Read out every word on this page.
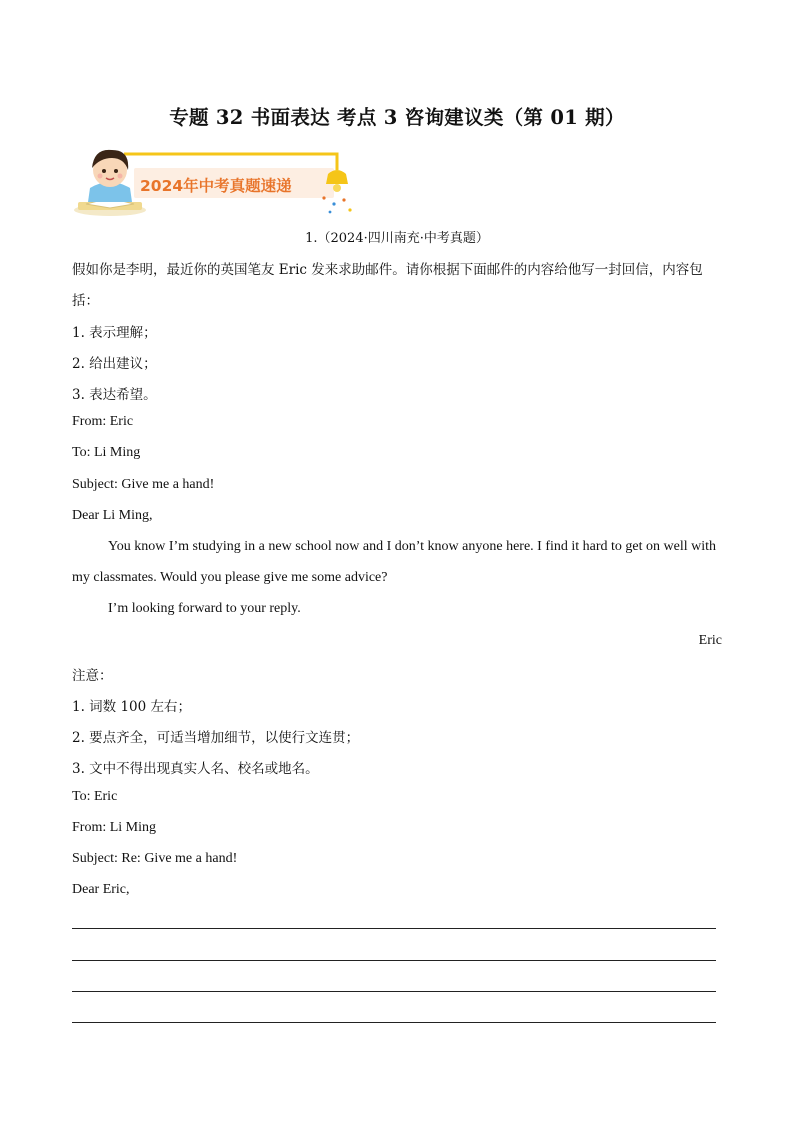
专题 32 书面表达 考点 3 咨询建议类（第 01 期）
2024年中考真题速递
1.（2024·四川南充·中考真题）
假如你是李明，最近你的英国笔友 Eric 发来求助邮件。请你根据下面邮件的内容给他写一封回信，内容包
括：
1. 表示理解；
2. 给出建议；
3. 表达希望。
From: Eric
To: Li Ming
Subject: Give me a hand!
Dear Li Ming,
You know I’m studying in a new school now and I don’t know anyone here. I find it hard to get on well with
my classmates. Would you please give me some advice?
I’m looking forward to your reply.
Eric
注意：
1. 词数 100 左右；
2. 要点齐全，可适当增加细节，以使行文连贯；
3. 文中不得出现真实人名、校名或地名。
To: Eric
From: Li Ming
Subject: Re: Give me a hand!
Dear Eric,
